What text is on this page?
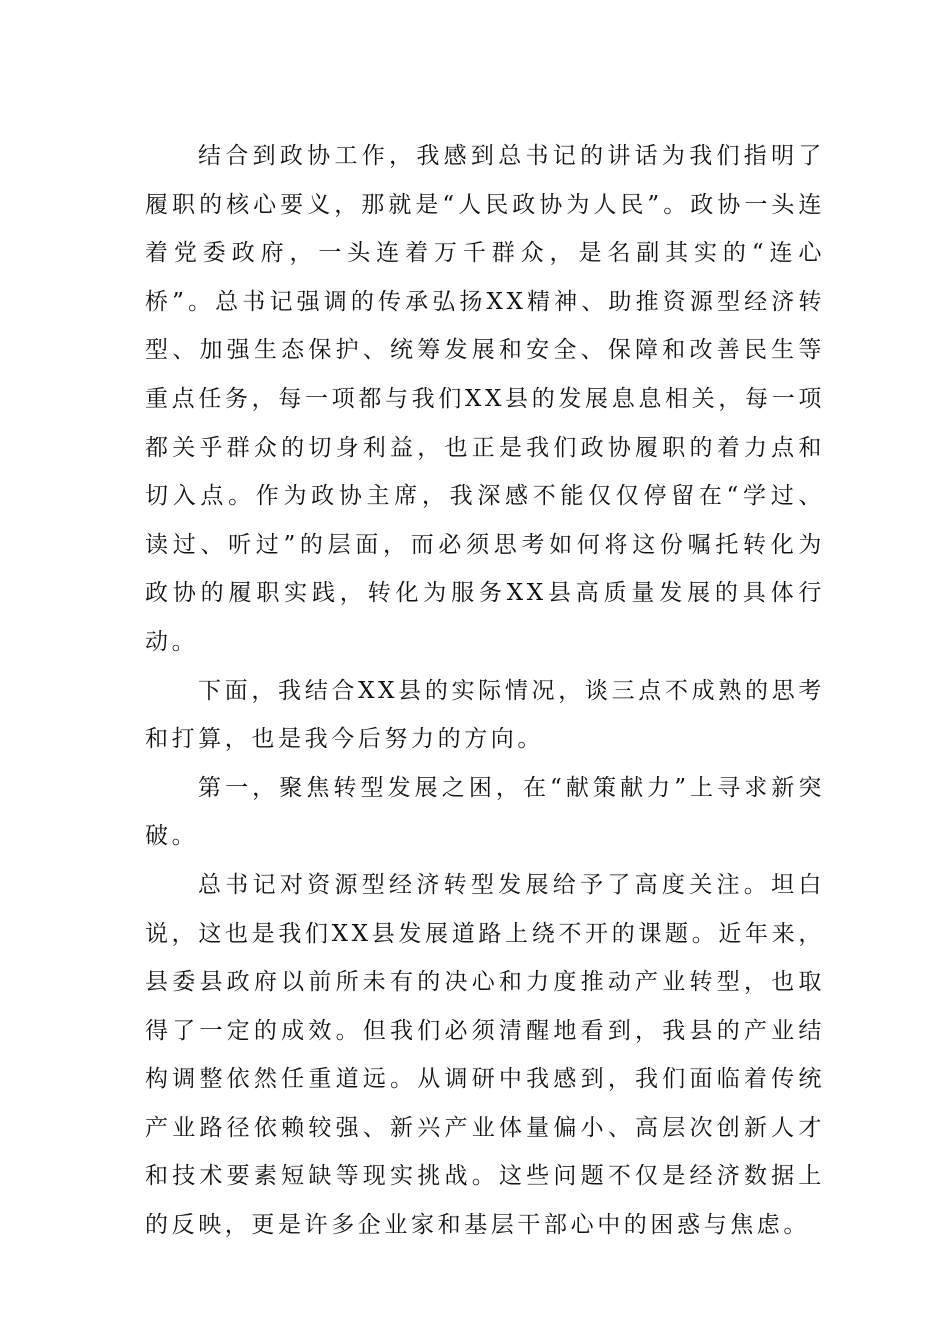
结合到政协工作，我感到总书记的讲话为我们指明了履职的核心要义，那就是“人民政协为人民”。政协一头连着党委政府，一头连着万千群众，是名副其实的“连心桥”。总书记强调的传承弘扬XX精神、助推资源型经济转型、加强生态保护、统筹发展和安全、保障和改善民生等重点任务，每一项都与我们XX县的发展息息相关，每一项都关乎群众的切身利益，也正是我们政协履职的着力点和切入点。作为政协主席，我深感不能仅仅停留在“学过、读过、听过”的层面，而必须思考如何将这份嘱托转化为政协的履职实践，转化为服务XX县高质量发展的具体行动。

下面，我结合XX县的实际情况，谈三点不成熟的思考和打算，也是我今后努力的方向。

第一，聚焦转型发展之困，在“献策献力”上寻求新突破。

总书记对资源型经济转型发展给予了高度关注。坦白说，这也是我们XX县发展道路上绕不开的课题。近年来，县委县政府以前所未有的决心和力度推动产业转型，也取得了一定的成效。但我们必须清醒地看到，我县的产业结构调整依然任重道远。从调研中我感到，我们面临着传统产业路径依赖较强、新兴产业体量偏小、高层次创新人才和技术要素短缺等现实挑战。这些问题不仅是经济数据上的反映，更是许多企业家和基层干部心中的困惑与焦虑。
